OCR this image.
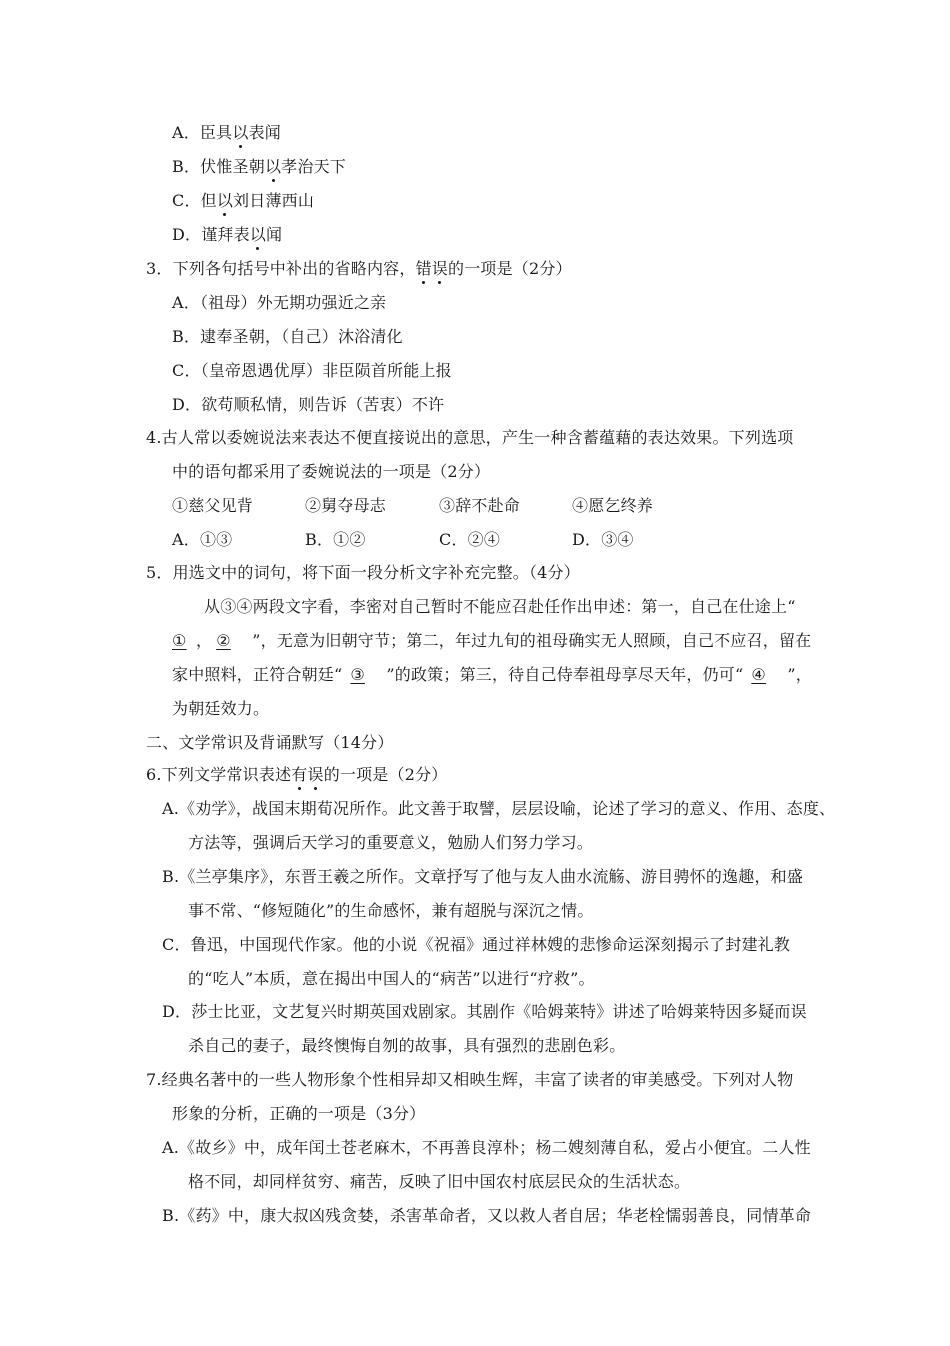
A．臣具以表闻
B．伏惟圣朝以孝治天下
C．但以刘日薄西山
D．谨拜表以闻
3．下列各句括号中补出的省略内容，错误的一项是（2分）
A．（祖母）外无期功强近之亲
B．逮奉圣朝，（自己）沐浴清化
C．（皇帝恩遇优厚）非臣陨首所能上报
D．欲苟顺私情，则告诉（苦衷）不许
4.古人常以委婉说法来表达不便直接说出的意思，产生一种含蓄蕴藉的表达效果。下列选项
中的语句都采用了委婉说法的一项是（2分）
①慈父见背	②舅夺母志	③辞不赴命	④愿乞终养
A．①③	B．①②	C．②④	D．③④
5．用选文中的词句，将下面一段分析文字补充完整。（4分）
从③④两段文字看，李密对自己暂时不能应召赴任作出申述：第一，自己在仕途上“
① ， ② ”，无意为旧朝守节；第二，年过九旬的祖母确实无人照顾，自己不应召，留在
家中照料，正符合朝廷“ ③ ”的政策；第三，待自己侍奉祖母享尽天年，仍可“ ④ ”，
为朝廷效力。
二、文学常识及背诵默写（14分）
6.下列文学常识表述有误的一项是（2分）
A.《劝学》，战国末期荀况所作。此文善于取譬，层层设喻，论述了学习的意义、作用、态度、
方法等，强调后天学习的重要意义，勉励人们努力学习。
B.《兰亭集序》，东晋王羲之所作。文章抒写了他与友人曲水流觞、游目骋怀的逸趣，和盛
事不常、“修短随化”的生命感怀，兼有超脱与深沉之情。
C．鲁迅，中国现代作家。他的小说《祝福》通过祥林嫂的悲惨命运深刻揭示了封建礼教
的“吃人”本质，意在揭出中国人的“病苦”以进行“疗救”。
D．莎士比亚，文艺复兴时期英国戏剧家。其剧作《哈姆莱特》讲述了哈姆莱特因多疑而误
杀自己的妻子，最终懊悔自刎的故事，具有强烈的悲剧色彩。
7.经典名著中的一些人物形象个性相异却又相映生辉，丰富了读者的审美感受。下列对人物
形象的分析，正确的一项是（3分）
A.《故乡》中，成年闰土苍老麻木，不再善良淳朴；杨二嫂刻薄自私，爱占小便宜。二人性
格不同，却同样贫穷、痛苦，反映了旧中国农村底层民众的生活状态。
B.《药》中，康大叔凶残贪婪，杀害革命者，又以救人者自居；华老栓懦弱善良，同情革命
